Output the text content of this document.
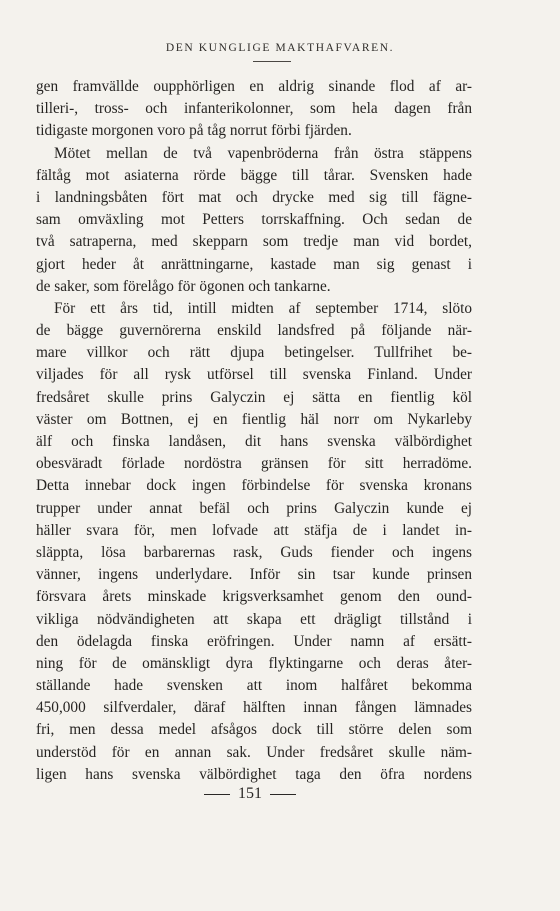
DEN KUNGLIGE MAKTHAFVAREN.
gen framvällde oupphörligen en aldrig sinande flod af ar-
tilleri-, tross- och infanterikolonner, som hela dagen från
tidigaste morgonen voro på tåg norrut förbi fjärden.
Mötet mellan de två vapenbröderna från östra stäppens
fältåg mot asiaterna rörde bägge till tårar. Svensken hade
i landningsbåten fört mat och drycke med sig till fägne-
sam omväxling mot Petters torrskaffning. Och sedan de
två satraperna, med skepparn som tredje man vid bordet,
gjort heder åt anrättningarne, kastade man sig genast i
de saker, som förelågo för ögonen och tankarne.
För ett års tid, intill midten af september 1714, slöto
de bägge guvernörerna enskild landsfred på följande när-
mare villkor och rätt djupa betingelser. Tullfrihet be-
viljades för all rysk utförsel till svenska Finland. Under
fredsåret skulle prins Galyczin ej sätta en fientlig köl
väster om Bottnen, ej en fientlig häl norr om Nykarleby
älf och finska landåsen, dit hans svenska välbördighet
obesväradt förlade nordöstra gränsen för sitt herradöme.
Detta innebar dock ingen förbindelse för svenska kronans
trupper under annat befäl och prins Galyczin kunde ej
häller svara för, men lofvade att stäfja de i landet in-
släppta, lösa barbarernas rask, Guds fiender och ingens
vänner, ingens underlydare. Inför sin tsar kunde prinsen
försvara årets minskade krigsverksamhet genom den ound-
vikliga nödvändigheten att skapa ett drägligt tillstånd i
den ödelagda finska eröfringen. Under namn af ersätt-
ning för de omänskligt dyra flyktingarne och deras åter-
ställande hade svensken att inom halfåret bekomma
450,000 silfverdaler, däraf hälften innan fången lämnades
fri, men dessa medel afsågos dock till större delen som
understöd för en annan sak. Under fredsåret skulle näm-
ligen hans svenska välbördighet taga den öfra nordens
151
